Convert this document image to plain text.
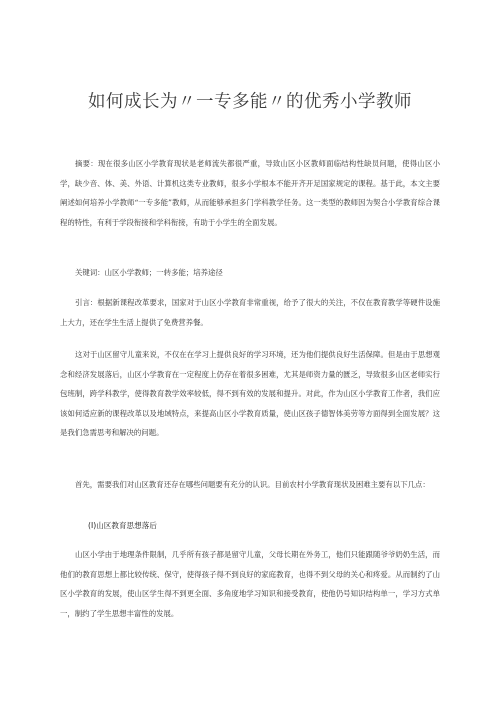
如何成长为〃一专多能〃的优秀小学教师

摘要：现在很多山区小学教育现状是老师流失都很严重，导致山区小区教师面临结构性缺员问题，使得山区小学，缺少音、体、美、外语、计算机这类专业教师，很多小学根本不能开齐开足国家规定的课程。基于此，本文主要阐述如何培养小学教师“一专多能”教师，从而能够承担多门学科教学任务。这一类型的教师因为契合小学教育综合课程的特性，有利于学段衔接和学科衔接，有助于小学生的全面发展。

关键词：山区小学教师；一转多能；培养途径

引言：根据新课程改革要求，国家对于山区小学教育非常重视，给予了很大的关注，不仅在教育教学等硬件设施上大力，还在学生生活上提供了免费营养餐。

这对于山区留守儿童来说，不仅在在学习上提供良好的学习环境，还为他们提供良好生活保障。但是由于思想观念和经济发展落后，山区小学教育在一定程度上仍存在着很多困难，尤其是师资力量的匮乏，导致很多山区老师实行包班制，跨学科教学，使得教育教学效率较低，得不到有效的发展和提升。对此，作为山区小学教育工作者，我们应该如何适应新的课程改革以及地域特点，来提高山区小学教育质量，使山区孩子德智体美劳等方面得到全面发展？这是我们急需思考和解决的问题。

首先，需要我们对山区教育还存在哪些问题要有充分的认识。目前农村小学教育现状及困难主要有以下几点：

(I)山区教育思想落后

山区小学由于地理条件限制，几乎所有孩子都是留守儿童，父母长期在外务工，他们只能跟随爷爷奶奶生活，而他们的教育思想上都比较传统、保守，使得孩子得不到良好的家庭教育，也得不到父母的关心和疼爱。从而制约了山区小学教育的发展，使山区学生得不到更全面、多角度地学习知识和接受教育，使他仍号知识结构单一，学习方式单一，制约了学生思想丰富性的发展。
